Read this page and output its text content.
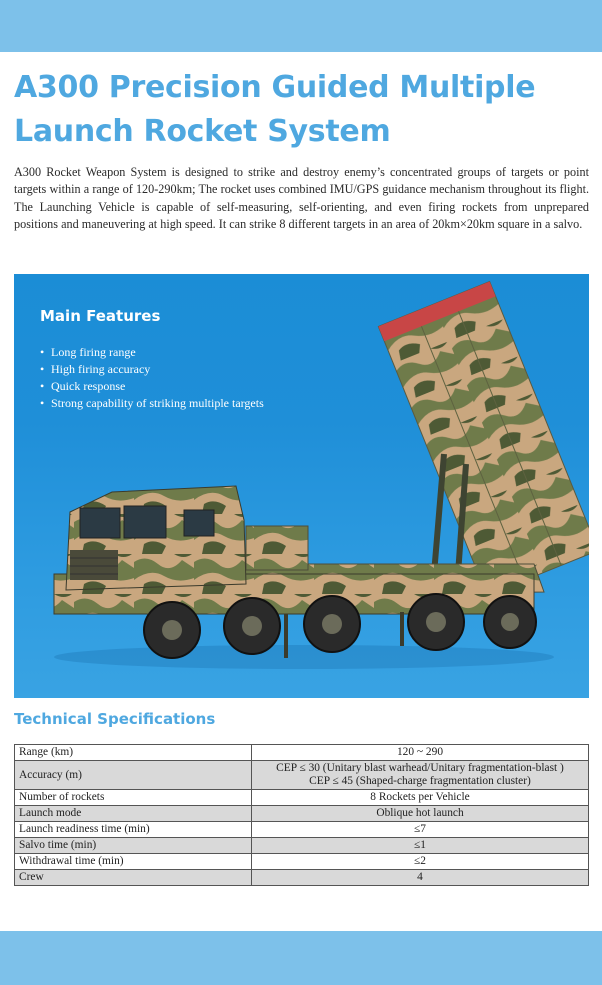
A300 Precision Guided Multiple Launch Rocket System

A300 Rocket Weapon System is designed to strike and destroy enemy’s concentrated groups of targets or point targets within a range of 120-290km; The rocket uses combined IMU/GPS guidance mechanism throughout its flight. The Launching Vehicle is capable of self-measuring, self-orienting, and even firing rockets from unprepared positions and maneuvering at high speed. It can strike 8 different targets in an area of 20km×20km square in a salvo.

Main Features
• Long firing range
• High firing accuracy
• Quick response
• Strong capability of striking multiple targets
Technical Specifications
Range (km)	120 ~ 290
Accuracy (m)	CEP ≤ 30 (Unitary blast warhead/Unitary fragmentation-blast )
CEP ≤ 45 (Shaped-charge fragmentation cluster)

Number of rockets	8 Rockets per Vehicle
Launch mode	Oblique hot launch
Launch readiness time (min)	≤7
Salvo time (min)	≤1
Withdrawal time (min)	≤2
Crew	4
